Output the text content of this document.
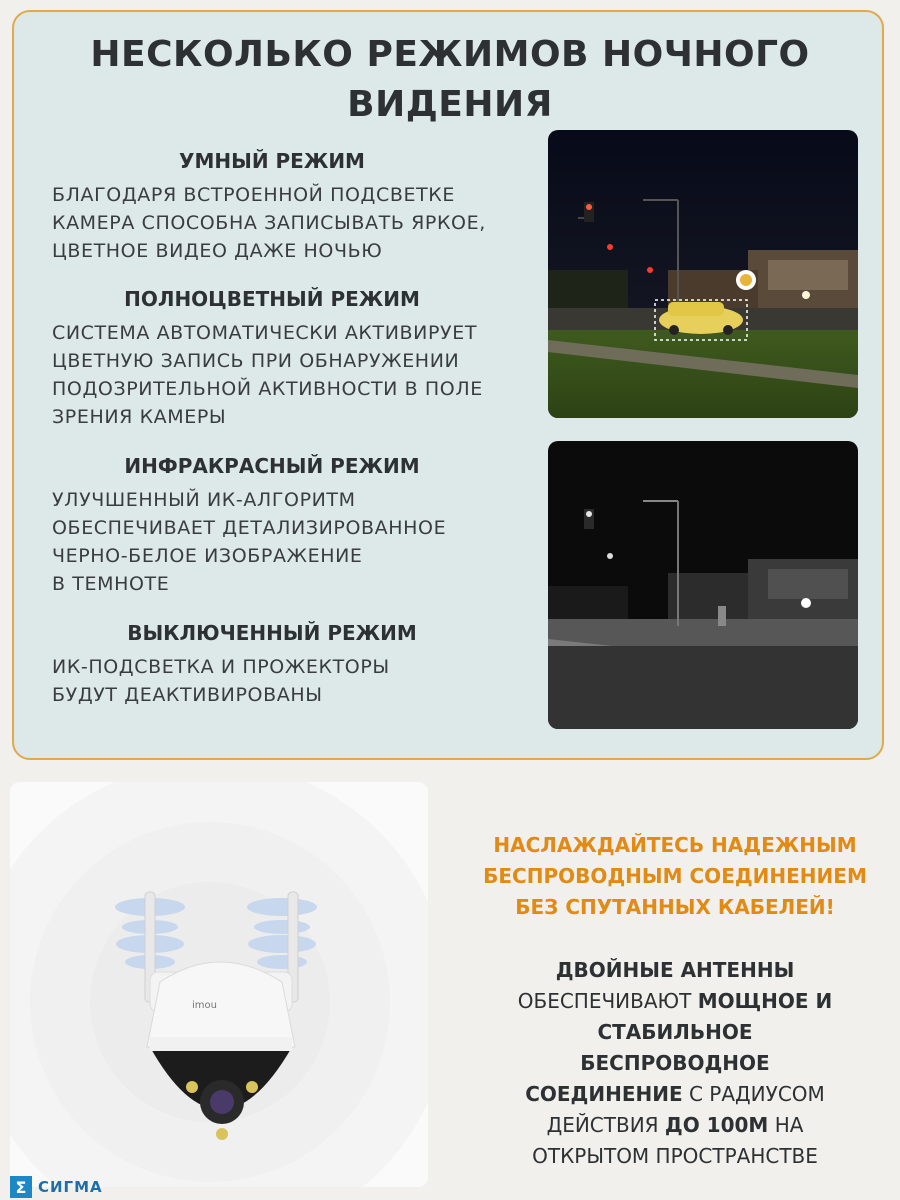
НЕСКОЛЬКО РЕЖИМОВ НОЧНОГО
ВИДЕНИЯ
УМНЫЙ РЕЖИМ
БЛАГОДАРЯ ВСТРОЕННОЙ ПОДСВЕТКЕ
КАМЕРА СПОСОБНА ЗАПИСЫВАТЬ ЯРКОЕ,
ЦВЕТНОЕ ВИДЕО ДАЖЕ НОЧЬЮ
ПОЛНОЦВЕТНЫЙ РЕЖИМ
СИСТЕМА АВТОМАТИЧЕСКИ АКТИВИРУЕТ
ЦВЕТНУЮ ЗАПИСЬ ПРИ ОБНАРУЖЕНИИ
ПОДОЗРИТЕЛЬНОЙ АКТИВНОСТИ В ПОЛЕ
ЗРЕНИЯ КАМЕРЫ
ИНФРАКРАСНЫЙ РЕЖИМ
УЛУЧШЕННЫЙ ИК-АЛГОРИТМ
ОБЕСПЕЧИВАЕТ ДЕТАЛИЗИРОВАННОЕ
ЧЕРНО-БЕЛОЕ ИЗОБРАЖЕНИЕ
В ТЕМНОТЕ
ВЫКЛЮЧЕННЫЙ РЕЖИМ
ИК-ПОДСВЕТКА И ПРОЖЕКТОРЫ
БУДУТ ДЕАКТИВИРОВАНЫ
imou
НАСЛАЖДАЙТЕСЬ НАДЕЖНЫМ
БЕСПРОВОДНЫМ СОЕДИНЕНИЕМ
БЕЗ СПУТАННЫХ КАБЕЛЕЙ!
ДВОЙНЫЕ АНТЕННЫ
ОБЕСПЕЧИВАЮТ МОЩНОЕ И
СТАБИЛЬНОЕ
БЕСПРОВОДНОЕ
СОЕДИНЕНИЕ С РАДИУСОМ
ДЕЙСТВИЯ ДО 100М НА
ОТКРЫТОМ ПРОСТРАНСТВЕ
Σ СИГМА
